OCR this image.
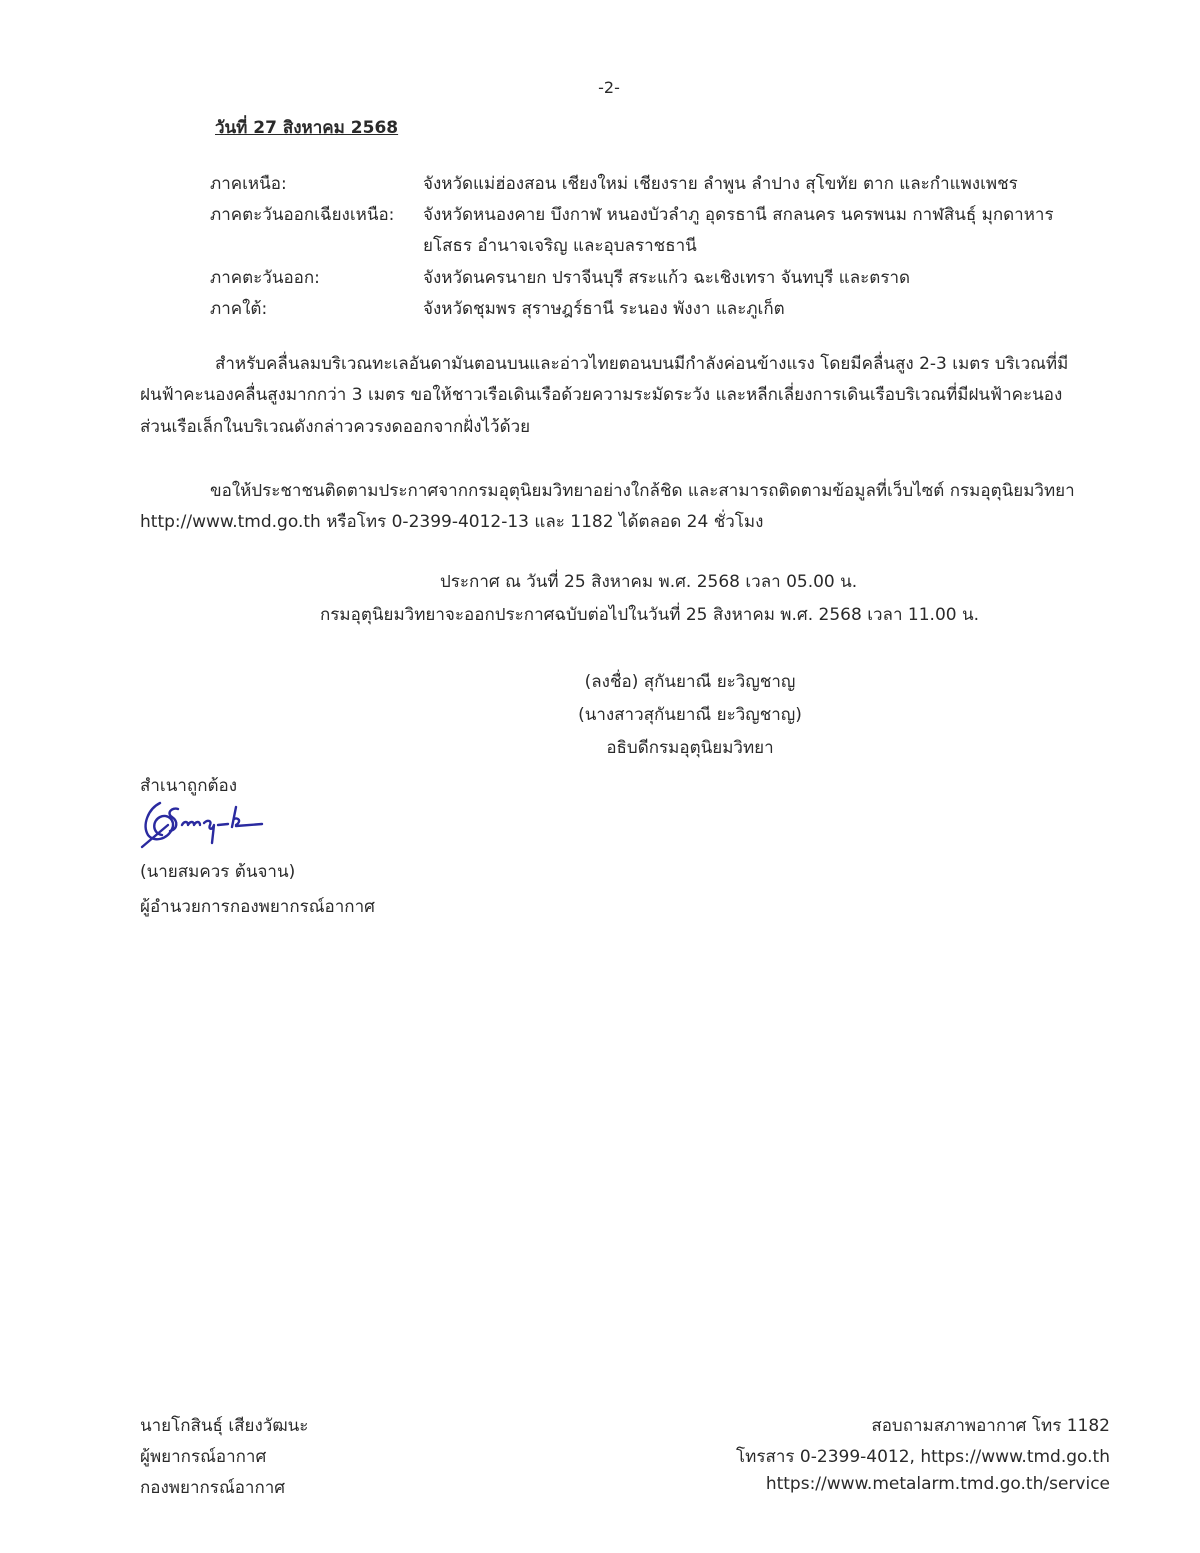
-2-
วันที่ 27 สิงหาคม 2568
ภาคเหนือ:	จังหวัดแม่ฮ่องสอน เชียงใหม่ เชียงราย ลำพูน ลำปาง สุโขทัย ตาก และกำแพงเพชร
ภาคตะวันออกเฉียงเหนือ: จังหวัดหนองคาย บึงกาฬ หนองบัวลำภู อุดรธานี สกลนคร นครพนม กาฬสินธุ์ มุกดาหาร
ยโสธร อำนาจเจริญ และอุบลราชธานี
ภาคตะวันออก:	จังหวัดนครนายก ปราจีนบุรี สระแก้ว ฉะเชิงเทรา จันทบุรี และตราด
ภาคใต้:	จังหวัดชุมพร สุราษฎร์ธานี ระนอง พังงา และภูเก็ต
สำหรับคลื่นลมบริเวณทะเลอันดามันตอนบนและอ่าวไทยตอนบนมีกำลังค่อนข้างแรง โดยมีคลื่นสูง 2-3 เมตร บริเวณที่มี
ฝนฟ้าคะนองคลื่นสูงมากกว่า 3 เมตร ขอให้ชาวเรือเดินเรือด้วยความระมัดระวัง และหลีกเลี่ยงการเดินเรือบริเวณที่มีฝนฟ้าคะนอง
ส่วนเรือเล็กในบริเวณดังกล่าวควรงดออกจากฝั่งไว้ด้วย
ขอให้ประชาชนติดตามประกาศจากกรมอุตุนิยมวิทยาอย่างใกล้ชิด และสามารถติดตามข้อมูลที่เว็บไซต์ กรมอุตุนิยมวิทยา
http://www.tmd.go.th หรือโทร 0-2399-4012-13 และ 1182 ได้ตลอด 24 ชั่วโมง
ประกาศ ณ วันที่ 25 สิงหาคม พ.ศ. 2568 เวลา 05.00 น.
กรมอุตุนิยมวิทยาจะออกประกาศฉบับต่อไปในวันที่ 25 สิงหาคม พ.ศ. 2568 เวลา 11.00 น.
(ลงชื่อ) สุกันยาณี ยะวิญชาญ
(นางสาวสุกันยาณี ยะวิญชาญ)
อธิบดีกรมอุตุนิยมวิทยา
สำเนาถูกต้อง
(นายสมควร ต้นจาน)
ผู้อำนวยการกองพยากรณ์อากาศ
นายโกสินธุ์ เสียงวัฒนะ
ผู้พยากรณ์อากาศ
กองพยากรณ์อากาศ
สอบถามสภาพอากาศ โทร 1182
โทรสาร 0-2399-4012, https://www.tmd.go.th
https://www.metalarm.tmd.go.th/service
